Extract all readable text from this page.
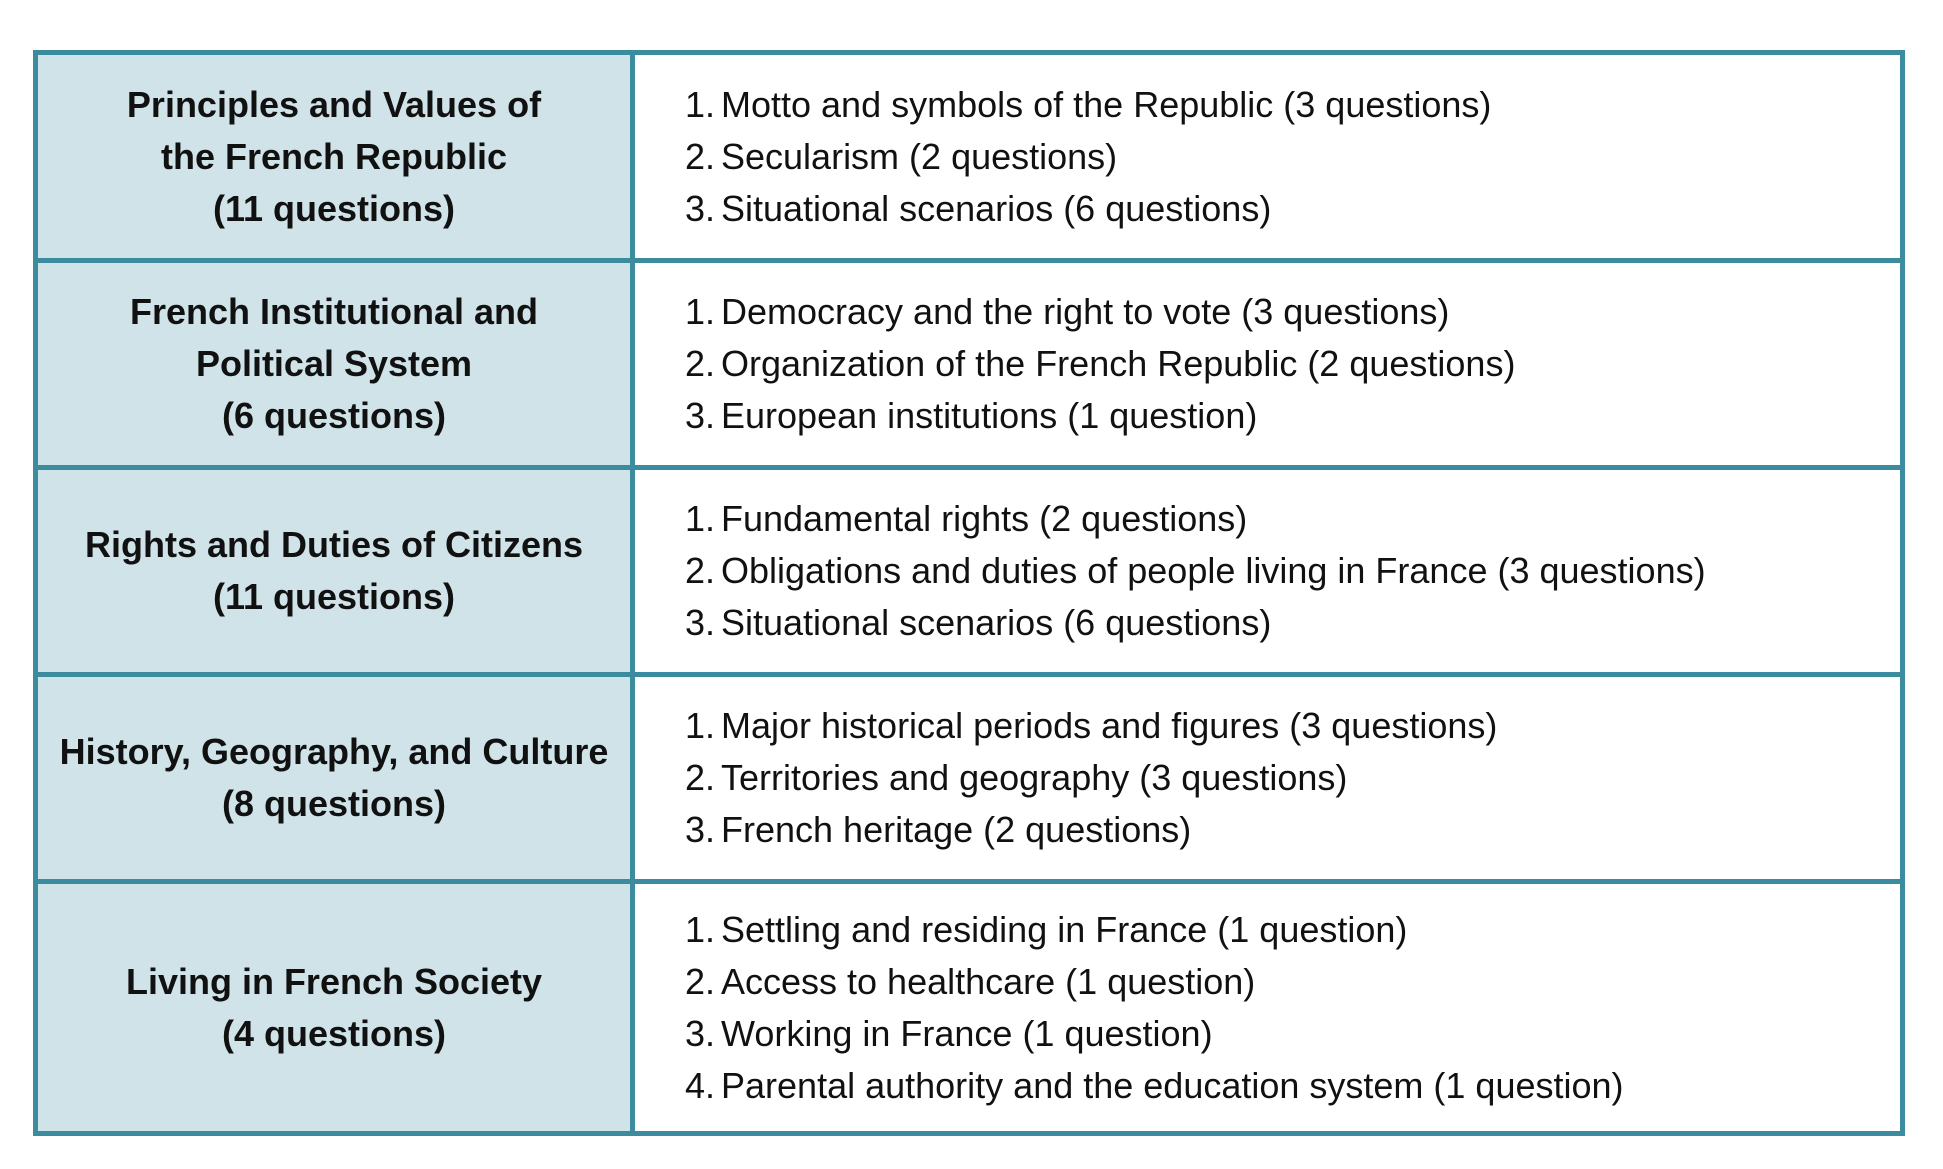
Principles and Values of
the French Republic
(11 questions)
1. Motto and symbols of the Republic (3 questions)
2. Secularism (2 questions)
3. Situational scenarios (6 questions)
French Institutional and
Political System
(6 questions)
1. Democracy and the right to vote (3 questions)
2. Organization of the French Republic (2 questions)
3. European institutions (1 question)
Rights and Duties of Citizens
(11 questions)
1. Fundamental rights (2 questions)
2. Obligations and duties of people living in France (3 questions)
3. Situational scenarios (6 questions)
History, Geography, and Culture
(8 questions)
1. Major historical periods and figures (3 questions)
2. Territories and geography (3 questions)
3. French heritage (2 questions)
Living in French Society
(4 questions)
1. Settling and residing in France (1 question)
2. Access to healthcare (1 question)
3. Working in France (1 question)
4. Parental authority and the education system (1 question)
